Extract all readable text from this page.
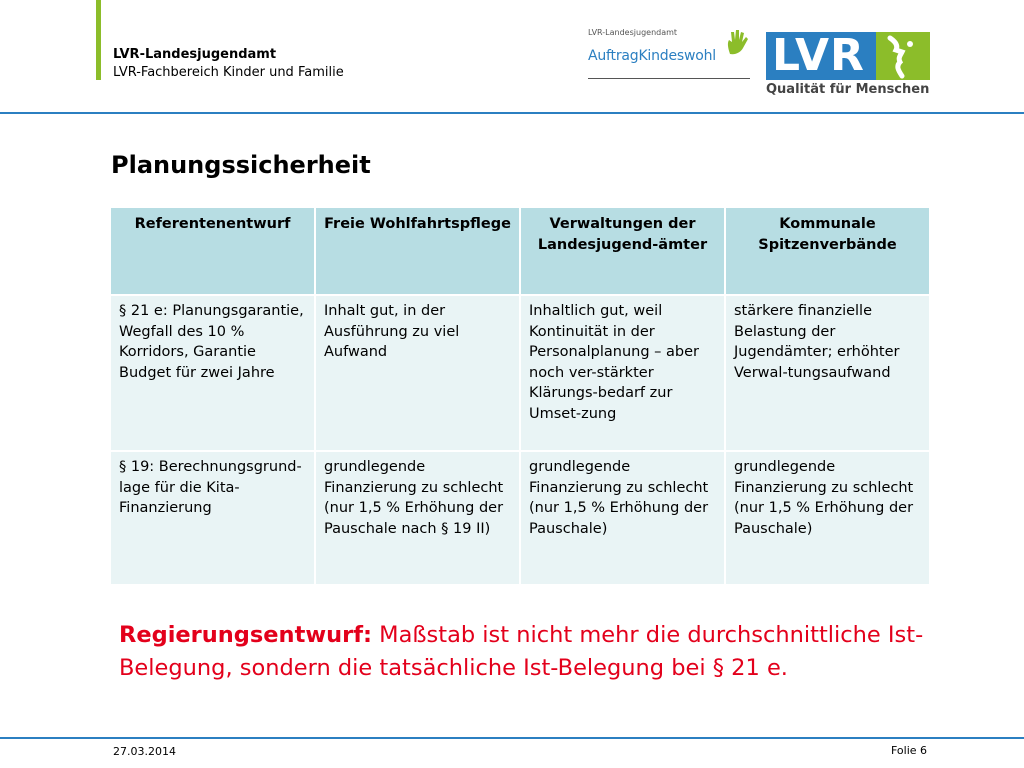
LVR-Landesjugendamt
LVR-Fachbereich Kinder und Familie
LVR-Landesjugendamt
AuftragKindeswohl LVR
Qualität für Menschen
Planungssicherheit
Referentenentwurf	Freie Wohlfahrtspflege	Verwaltungen der Landesjugend-ämter	Kommunale Spitzenverbände
§ 21 e: Planungsgarantie, Wegfall des 10 % Korridors, Garantie Budget für zwei Jahre	Inhalt gut, in der Ausführung zu viel Aufwand	Inhaltlich gut, weil Kontinuität in der Personalplanung – aber noch ver-stärkter Klärungs-bedarf zur Umset-zung	stärkere finanzielle Belastung der Jugendämter; erhöhter Verwal-tungsaufwand
§ 19: Berechnungsgrund-lage für die Kita-Finanzierung	grundlegende Finanzierung zu schlecht (nur 1,5 % Erhöhung der Pauschale nach § 19 II)	grundlegende Finanzierung zu schlecht (nur 1,5 % Erhöhung der Pauschale)	grundlegende Finanzierung zu schlecht (nur 1,5 % Erhöhung der Pauschale)
Regierungsentwurf: Maßstab ist nicht mehr die durchschnittliche Ist-Belegung, sondern die tatsächliche Ist-Belegung bei § 21 e.
27.03.2014	Folie 6
